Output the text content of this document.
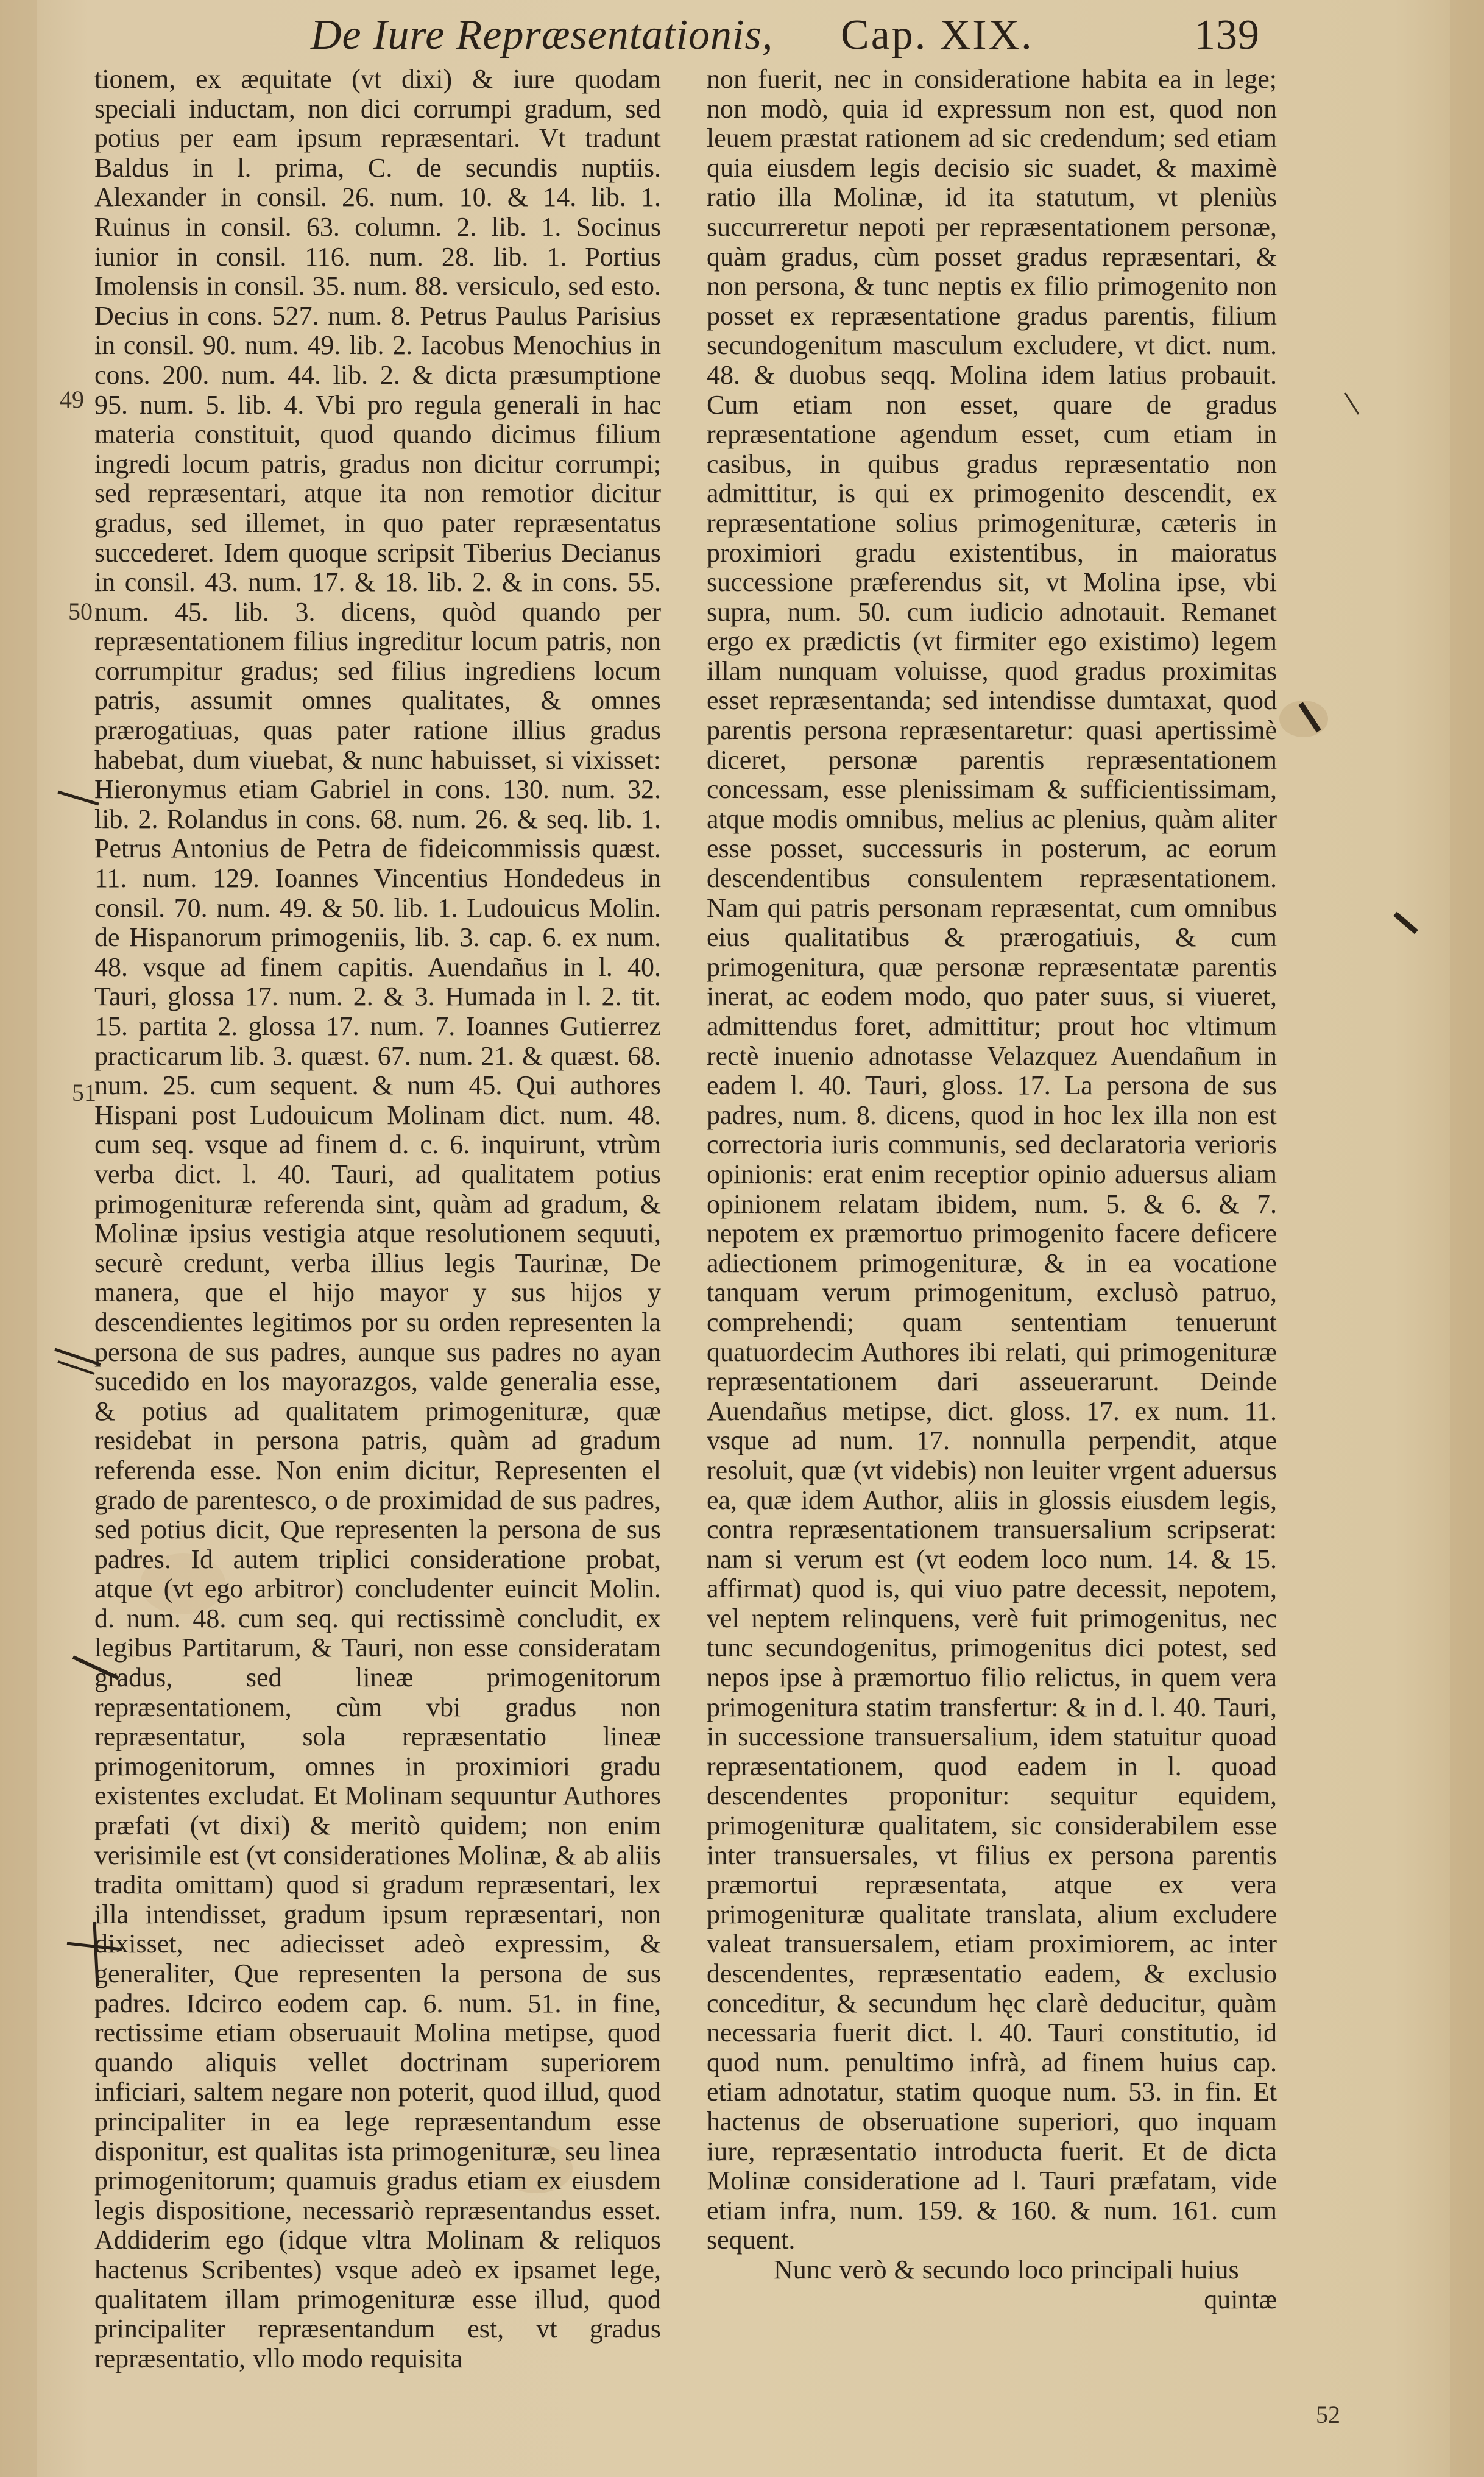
De Iure Repræsentationis, Cap. XIX.	139
49
50
51
52

tionem, ex æquitate (vt dixi) & iure quodam speciali inductam, non dici corrumpi gradum, sed potius per eam ipsum repræsentari. Vt tradunt Baldus in l. prima, C. de secundis nuptiis. Alexander in consil. 26. num. 10. & 14. lib. 1. Ruinus in consil. 63. column. 2. lib. 1. Socinus iunior in consil. 116. num. 28. lib. 1. Portius Imolensis in consil. 35. num. 88. versiculo, sed esto. Decius in cons. 527. num. 8. Petrus Paulus Parisius in consil. 90. num. 49. lib. 2. Iacobus Menochius in cons. 200. num. 44. lib. 2. & dicta præsumptione 95. num. 5. lib. 4. Vbi pro regula generali in hac materia constituit, quod quando dicimus filium ingredi locum patris, gradus non dicitur corrumpi; sed repræsentari, atque ita non remotior dicitur gradus, sed illemet, in quo pater repræsentatus succederet. Idem quoque scripsit Tiberius Decianus in consil. 43. num. 17. & 18. lib. 2. & in cons. 55. num. 45. lib. 3. dicens, quòd quando per repræsentationem filius ingreditur locum patris, non corrumpitur gradus; sed filius ingrediens locum patris, assumit omnes qualitates, & omnes prærogatiuas, quas pater ratione illius gradus habebat, dum viuebat, & nunc habuisset, si vixisset: Hieronymus etiam Gabriel in cons. 130. num. 32. lib. 2. Rolandus in cons. 68. num. 26. & seq. lib. 1. Petrus Antonius de Petra de fideicommissis quæst. 11. num. 129. Ioannes Vincentius Hondedeus in consil. 70. num. 49. & 50. lib. 1. Ludouicus Molin. de Hispanorum primogeniis, lib. 3. cap. 6. ex num. 48. vsque ad finem capitis. Auendañus in l. 40. Tauri, glossa 17. num. 2. & 3. Humada in l. 2. tit. 15. partita 2. glossa 17. num. 7. Ioannes Gutierrez practicarum lib. 3. quæst. 67. num. 21. & quæst. 68. num. 25. cum sequent. & num 45. Qui authores Hispani post Ludouicum Molinam dict. num. 48. cum seq. vsque ad finem d. c. 6. inquirunt, vtrùm verba dict. l. 40. Tauri, ad qualitatem potius primogenituræ referenda sint, quàm ad gradum, & Molinæ ipsius vestigia atque resolutionem sequuti, securè credunt, verba illius legis Taurinæ, De manera, que el hijo mayor y sus hijos y descendientes legitimos por su orden representen la persona de sus padres, aunque sus padres no ayan sucedido en los mayorazgos, valde generalia esse, & potius ad qualitatem primogenituræ, quæ residebat in persona patris, quàm ad gradum referenda esse. Non enim dicitur, Representen el grado de parentesco, o de proximidad de sus padres, sed potius dicit, Que representen la persona de sus padres. Id autem triplici consideratione probat, atque (vt ego arbitror) concludenter euincit Molin. d. num. 48. cum seq. qui rectissimè concludit, ex legibus Partitarum, & Tauri, non esse consideratam gradus, sed lineæ primogenitorum repræsentationem, cùm vbi gradus non repræsentatur, sola repræsentatio lineæ primogenitorum, omnes in proximiori gradu existentes excludat. Et Molinam sequuntur Authores præfati (vt dixi) & meritò quidem; non enim verisimile est (vt considerationes Molinæ, & ab aliis tradita omittam) quod si gradum repræsentari, lex illa intendisset, gradum ipsum repræsentari, non dixisset, nec adiecisset adeò expressim, & generaliter, Que representen la persona de sus padres. Idcirco eodem cap. 6. num. 51. in fine, rectissime etiam obseruauit Molina metipse, quod quando aliquis vellet doctrinam superiorem inficiari, saltem negare non poterit, quod illud, quod principaliter in ea lege repræsentandum esse disponitur, est qualitas ista primogenituræ, seu linea primogenitorum; quamuis gradus etiam ex eiusdem legis dispositione, necessariò repræsentandus esset. Addiderim ego (idque vltra Molinam & reliquos hactenus Scribentes) vsque adeò ex ipsamet lege, qualitatem illam primogenituræ esse illud, quod principaliter repræsentandum est, vt gradus repræsentatio, vllo modo requisita

non fuerit, nec in consideratione habita ea in lege; non modò, quia id expressum non est, quod non leuem præstat rationem ad sic credendum; sed etiam quia eiusdem legis decisio sic suadet, & maximè ratio illa Molinæ, id ita statutum, vt pleniùs succurreretur nepoti per repræsentationem personæ, quàm gradus, cùm posset gradus repræsentari, & non persona, & tunc neptis ex filio primogenito non posset ex repræsentatione gradus parentis, filium secundogenitum masculum excludere, vt dict. num. 48. & duobus seqq. Molina idem latius probauit. Cum etiam non esset, quare de gradus repræsentatione agendum esset, cum etiam in casibus, in quibus gradus repræsentatio non admittitur, is qui ex primogenito descendit, ex repræsentatione solius primogenituræ, cæteris in proximiori gradu existentibus, in maioratus successione præferendus sit, vt Molina ipse, vbi supra, num. 50. cum iudicio adnotauit. Remanet ergo ex prædictis (vt firmiter ego existimo) legem illam nunquam voluisse, quod gradus proximitas esset repræsentanda; sed intendisse dumtaxat, quod parentis persona repræsentaretur: quasi apertissimè diceret, personæ parentis repræsentationem concessam, esse plenissimam & sufficientissimam, atque modis omnibus, melius ac plenius, quàm aliter esse posset, successuris in posterum, ac eorum descendentibus consulentem repræsentationem. Nam qui patris personam repræsentat, cum omnibus eius qualitatibus & prærogatiuis, & cum primogenitura, quæ personæ repræsentatæ parentis inerat, ac eodem modo, quo pater suus, si viueret, admittendus foret, admittitur; prout hoc vltimum rectè inuenio adnotasse Velazquez Auendañum in eadem l. 40. Tauri, gloss. 17. La persona de sus padres, num. 8. dicens, quod in hoc lex illa non est correctoria iuris communis, sed declaratoria verioris opinionis: erat enim receptior opinio aduersus aliam opinionem relatam ibidem, num. 5. & 6. & 7. nepotem ex præmortuo primogenito facere deficere adiectionem primogenituræ, & in ea vocatione tanquam verum primogenitum, exclusò patruo, comprehendi; quam sententiam tenuerunt quatuordecim Authores ibi relati, qui primogenituræ repræsentationem dari asseuerarunt. Deinde Auendañus metipse, dict. gloss. 17. ex num. 11. vsque ad num. 17. nonnulla perpendit, atque resoluit, quæ (vt videbis) non leuiter vrgent aduersus ea, quæ idem Author, aliis in glossis eiusdem legis, contra repræsentationem transuersalium scripserat: nam si verum est (vt eodem loco num. 14. & 15. affirmat) quod is, qui viuo patre decessit, nepotem, vel neptem relinquens, verè fuit primogenitus, nec tunc secundogenitus, primogenitus dici potest, sed nepos ipse à præmortuo filio relictus, in quem vera primogenitura statim transfertur: & in d. l. 40. Tauri, in successione transuersalium, idem statuitur quoad repræsentationem, quod eadem in l. quoad descendentes proponitur: sequitur equidem, primogenituræ qualitatem, sic considerabilem esse inter transuersales, vt filius ex persona parentis præmortui repræsentata, atque ex vera primogenituræ qualitate translata, alium excludere valeat transuersalem, etiam proximiorem, ac inter descendentes, repræsentatio eadem, & exclusio conceditur, & secundum hęc clarè deducitur, quàm necessaria fuerit dict. l. 40. Tauri constitutio, id quod num. penultimo infrà, ad finem huius cap. etiam adnotatur, statim quoque num. 53. in fin. Et hactenus de obseruatione superiori, quo inquam iure, repræsentatio introducta fuerit. Et de dicta Molinæ consideratione ad l. Tauri præfatam, vide etiam infra, num. 159. & 160. & num. 161. cum sequent.

Nunc verò & secundo loco principali huius

quintæ
